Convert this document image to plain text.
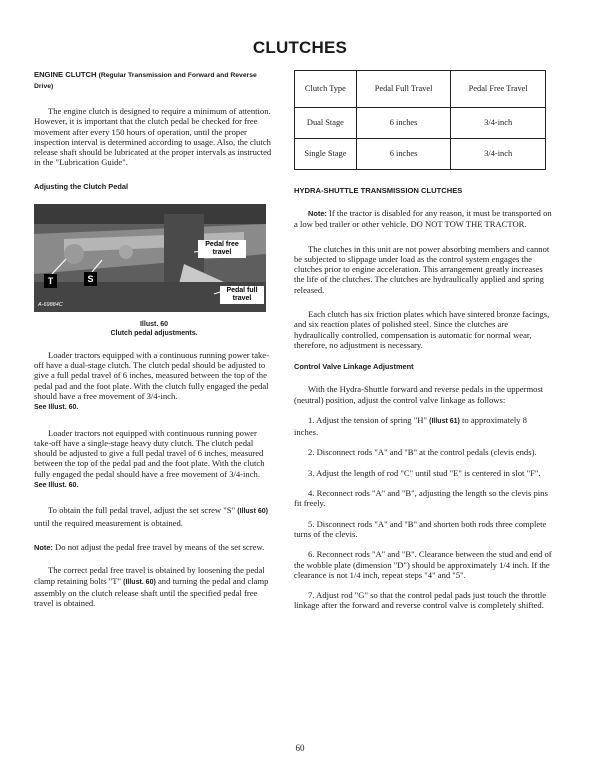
CLUTCHES
ENGINE CLUTCH (Regular Transmission and Forward and Reverse Drive)

The engine clutch is designed to require a minimum of attention. However, it is important that the clutch pedal be checked for free movement after every 150 hours of operation, until the proper inspection interval is determined according to usage. Also, the clutch release shaft should be lubricated at the proper intervals as instructed in the "Lubrication Guide".

Adjusting the Clutch Pedal
Pedal free travel
Pedal full travel
T	S
A-69884C
Illust. 60
Clutch pedal adjustments.

Loader tractors equipped with a continuous running power take-off have a dual-stage clutch. The clutch pedal should be adjusted to give a full pedal travel of 6 inches, measured between the top of the pedal pad and the foot plate. With the clutch fully engaged the pedal should have a free movement of 3/4-inch.
See Illust. 60.

Loader tractors not equipped with continuous running power take-off have a single-stage heavy duty clutch. The clutch pedal should be adjusted to give a full pedal travel of 6 inches, measured between the top of the pedal pad and the foot plate. With the clutch fully engaged the pedal should have a free movement of 3/4-inch. See Illust. 60.

To obtain the full pedal travel, adjust the set screw "S" (Illust 60) until the required measurement is obtained.

Note: Do not adjust the pedal free travel by means of the set screw.

The correct pedal free travel is obtained by loosening the pedal clamp retaining bolts "T" (Illust. 60) and turning the pedal and clamp assembly on the clutch release shaft until the specified pedal free travel is obtained.

Clutch Type	Pedal Full Travel	Pedal Free Travel
Dual Stage	6 inches	3/4-inch
Single Stage	6 inches	3/4-inch
HYDRA-SHUTTLE TRANSMISSION CLUTCHES

Note: If the tractor is disabled for any reason, it must be transported on a low bed trailer or other vehicle. DO NOT TOW THE TRACTOR.

The clutches in this unit are not power absorbing members and cannot be subjected to slippage under load as the control system engages the clutches prior to engine acceleration. This arrangement greatly increases the life of the clutches. The clutches are hydraulically applied and spring released.

Each clutch has six friction plates which have sintered bronze facings, and six reaction plates of polished steel. Since the clutches are hydraulically controlled, compensation is automatic for normal wear, therefore, no adjustment is necessary.

Control Valve Linkage Adjustment

With the Hydra-Shuttle forward and reverse pedals in the uppermost (neutral) position, adjust the control valve linkage as follows:

1. Adjust the tension of spring "H" (Illust 61) to approximately 8 inches.

2. Disconnect rods "A" and "B" at the control pedals (clevis ends).

3. Adjust the length of rod "C" until stud "E" is centered in slot "F".

4. Reconnect rods "A" and "B", adjusting the length so the clevis pins fit freely.

5. Disconnect rods "A" and "B" and shorten both rods three complete turns of the clevis.

6. Reconnect rods "A" and "B". Clearance between the stud and end of the wobble plate (dimension "D") should be approximately 1/4 inch. If the clearance is not 1/4 inch, repeat steps "4" and "5".

7. Adjust rod "G" so that the control pedal pads just touch the throttle linkage after the forward and reverse control valve is completely shifted.

60
